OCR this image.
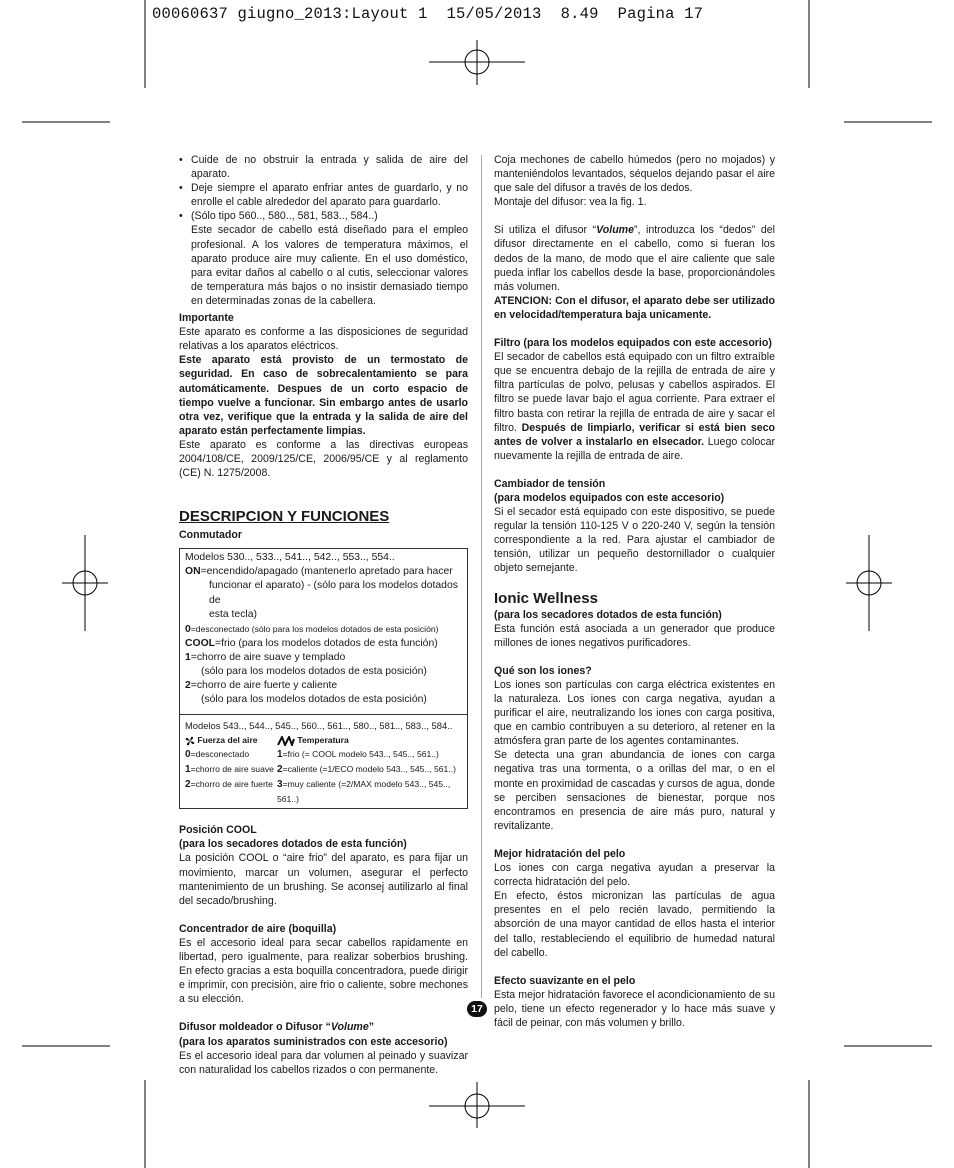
00060637 giugno_2013:Layout 1  15/05/2013  8.49  Pagina 17
• Cuide de no obstruir la entrada y salida de aire del aparato.
• Deje siempre el aparato enfriar antes de guardarlo, y no enrolle el cable alrededor del aparato para guardarlo.
• (Sólo tipo 560.., 580.., 581, 583.., 584..)
Este secador de cabello está diseñado para el empleo profesional. A los valores de temperatura máximos, el aparato produce aire muy caliente. En el uso doméstico, para evitar daños al cabello o al cutis, seleccionar valores de temperatura más bajos o no insistir demasiado tiempo en determinadas zonas de la cabellera.
Importante

Este aparato es conforme a las disposiciones de seguridad relativas a los aparatos eléctricos.

Este aparato está provisto de un termostato de seguridad. En caso de sobrecalentamiento se para automáticamente. Despues de un corto espacio de tiempo vuelve a funcionar. Sin embargo antes de usarlo otra vez, verifique que la entrada y la salida de aire del aparato están perfectamente limpias.

Este aparato es conforme a las directivas europeas 2004/108/CE, 2009/125/CE, 2006/95/CE y al reglamento (CE) N. 1275/2008.

DESCRIPCION Y FUNCIONES
Conmutador
Modelos 530.., 533.., 541.., 542.., 553.., 554..
ON=encendido/apagado (mantenerlo apretado para hacer
funcionar el aparato) - (sólo para los modelos dotados de
esta tecla)
0=desconectado (sólo para los modelos dotados de esta posición)
COOL=frio (para los modelos dotados de esta función)
1=chorro de aire suave y templado
(sólo para los modelos dotados de esta posición)
2=chorro de aire fuerte y caliente
(sólo para los modelos dotados de esta posición)
Modelos 543.., 544.., 545.., 560.., 561.., 580.., 581.., 583.., 584..
Fuerza del aire	Temperatura
0=desconectado	1=frio (= COOL modelo 543.., 545.., 561..)
1=chorro de aire suave 2=caliente (=1/ECO modelo 543.., 545.., 561..)
2=chorro de aire fuerte 3=muy caliente (=2/MAX modelo 543.., 545.., 561..)
Posición COOL
(para los secadores dotados de esta función)

La posición COOL o “aire frio” del aparato, es para fijar un movimiento, marcar un volumen, asegurar el perfecto mantenimiento de un brushing. Se aconsej autilizarlo al final del secado/brushing.

Concentrador de aire (boquilla)

Es el accesorio ideal para secar cabellos rapidamente en libertad, pero igualmente, para realizar soberbios brushing. En efecto gracias a esta boquilla concentradora, puede dirigir e imprimir, con precisiòn, aire frio o caliente, sobre mechones a su elección.

Difusor moldeador o Difusor “Volume”
(para los aparatos suministrados con este accesorio)

Es el accesorio ideal para dar volumen al peinado y suavizar con naturalidad los cabellos rizados o con permanente.

Coja mechones de cabello húmedos (pero no mojados) y manteniéndolos levantados, séquelos dejando pasar el aire que sale del difusor a través de los dedos.

Montaje del difusor: vea la fig. 1.

Si utiliza el difusor “Volume”, introduzca los “dedos” del difusor directamente en el cabello, como si fueran los dedos de la mano, de modo que el aire caliente que sale pueda inflar los cabellos desde la base, proporcionándoles más volumen.

ATENCION: Con el difusor, el aparato debe ser utilizado en velocidad/temperatura baja unicamente.

Filtro (para los modelos equipados con este accesorio)

El secador de cabellos está equipado con un filtro extraíble que se encuentra debajo de la rejilla de entrada de aire y filtra partículas de polvo, pelusas y cabellos aspirados. El filtro se puede lavar bajo el agua corriente. Para extraer el filtro basta con retirar la rejilla de entrada de aire y sacar el filtro. Después de limpiarlo, verificar si está bien seco antes de volver a instalarlo en elsecador. Luego colocar nuevamente la rejilla de entrada de aire.

Cambiador de tensión
(para modelos equipados con este accesorio)

Si el secador está equipado con este dispositivo, se puede regular la tensión 110-125 V o 220-240 V, según la tensión correspondiente a la red. Para ajustar el cambiador de tensión, utilizar un pequeño destornillador o cualquier objeto semejante.

Ionic Wellness
(para los secadores dotados de esta función)

Esta función está asociada a un generador que produce millones de iones negativos purificadores.

Qué son los iones?

Los iones son partículas con carga eléctrica existentes en la naturaleza. Los iones con carga negativa, ayudan a purificar el aire, neutralizando los iones con carga positiva, que en cambio contribuyen a su deterioro, al retener en la atmósfera gran parte de los agentes contaminantes.

Se detecta una gran abundancia de iones con carga negativa tras una tormenta, o a orillas del mar, o en el monte en proximidad de cascadas y cursos de agua, donde se perciben sensaciones de bienestar, porque nos encontramos en presencia de aire más puro, natural y revitalizante.

Mejor hidratación del pelo

Los iones con carga negativa ayudan a preservar la correcta hidratación del pelo.

En efecto, éstos micronizan las partículas de agua presentes en el pelo recién lavado, permitiendo la absorción de una mayor cantidad de ellos hasta el interior del tallo, restableciendo el equilibrio de humedad natural del cabello.

Efecto suavizante en el pelo

Esta mejor hidratación favorece el acondicionamiento de su pelo, tiene un efecto regenerador y lo hace más suave y fácil de peinar, con más volumen y brillo.

17
